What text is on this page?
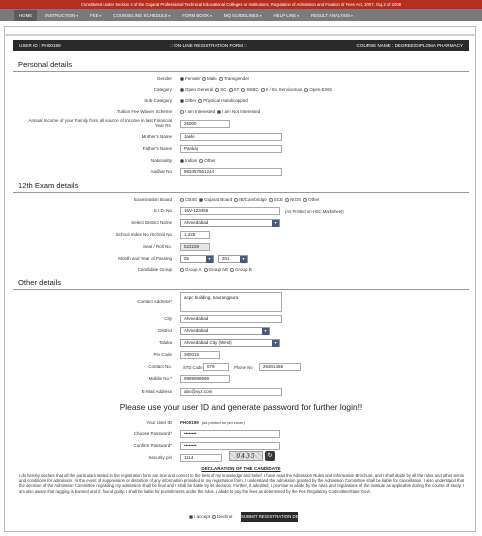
Constituted under Section 4 of the Gujarat Professional Technical Educational Colleges or Institutions, Regulation of Admission and Fixation of Fees Act, 2007, Guj.2 of 2008
HOME	INSTRUCTION▾	FEE▾	COUNSELING SCHEDULE▾	FORM BOOK▾	MQ GUIDELINES▾	HELP-LINE▾	RESULT ANALYSIS▾
USER ID : PH00199	:: ON-LINE REGISTRATION FORM ::	COURSE NAME : DEGREE/DIPLOMA PHARMACY
Personal details
Gender	Female Male Transgender
Category	Open General SC ST SEBC Ir / Ex Serviceman Open-EWS
Sub-Category	Other Physical Handicapped
Tuition Fee Waiver Scheme	I am Interested I am Not Interested
Annual Income of your Family from all source of Income in last Financial Year Rs.	25000
Mother's Name	Janki
Father's Name	Pankaj
Nationality	Indian Other
Aadhar No	983457661244
12th Exam details
Examination Board	CBSE Gujarat Board IB/Cambridge SCE NIOS Other
S.I.D. No	16V-123456	(As Printed on HSC Marksheet)
Select District Name	Ahmedabad	▼
School Index No /School No	1.225
Seat / Roll No.	522228
Month and Year of Passing	05	▼	201	▼
Candidate Group	Group A Group AB Group B
Other details
Contact Address*
acpc building, navrangpura
City	Ahmedabad
District	Ahmedabad	▼
Taluka	Ahmedabad City (West)	▼
Pin Code	380015
Contact No.	STD Code 079	Phone No	26301458
Mobile No.*	9999999999
E-Mail Address	abc@xyz.com
Please use your user ID and generate password for further login!!
Your User ID PH00199 (as printed on pin cover)
Choose Password*	••••••••
Confirm Password*	••••••••
Security pin	1114	0435	↻
DECLARATION OF THE CANDIDATE
I do hereby declare that all the particulars stated in the registration form are true and correct to the best of my knowledge and belief. I have read the Admission Rules and Information Brochure, and I shall abide by all the rules and other terms and conditions for admission. In the event of suppression or distortion of any information provided in my registration form, I understand the admission granted by the Admission Committee shall be liable for cancellation. I also understand that the decision of the Admission Committee regarding my admission shall be final and I shall be liable by its decision. Further, if admitted, I promise to abide by the rules and regulations of the institute as applicable during the course of study. I am also aware that ragging is banned and if, found guilty, I shall be liable for punishments under the rules. I abide to pay the fees as determined by the Fee Regulatory Committee/State Govt.
I accept Decline SUBMIT REGISTRATION DETAILS
